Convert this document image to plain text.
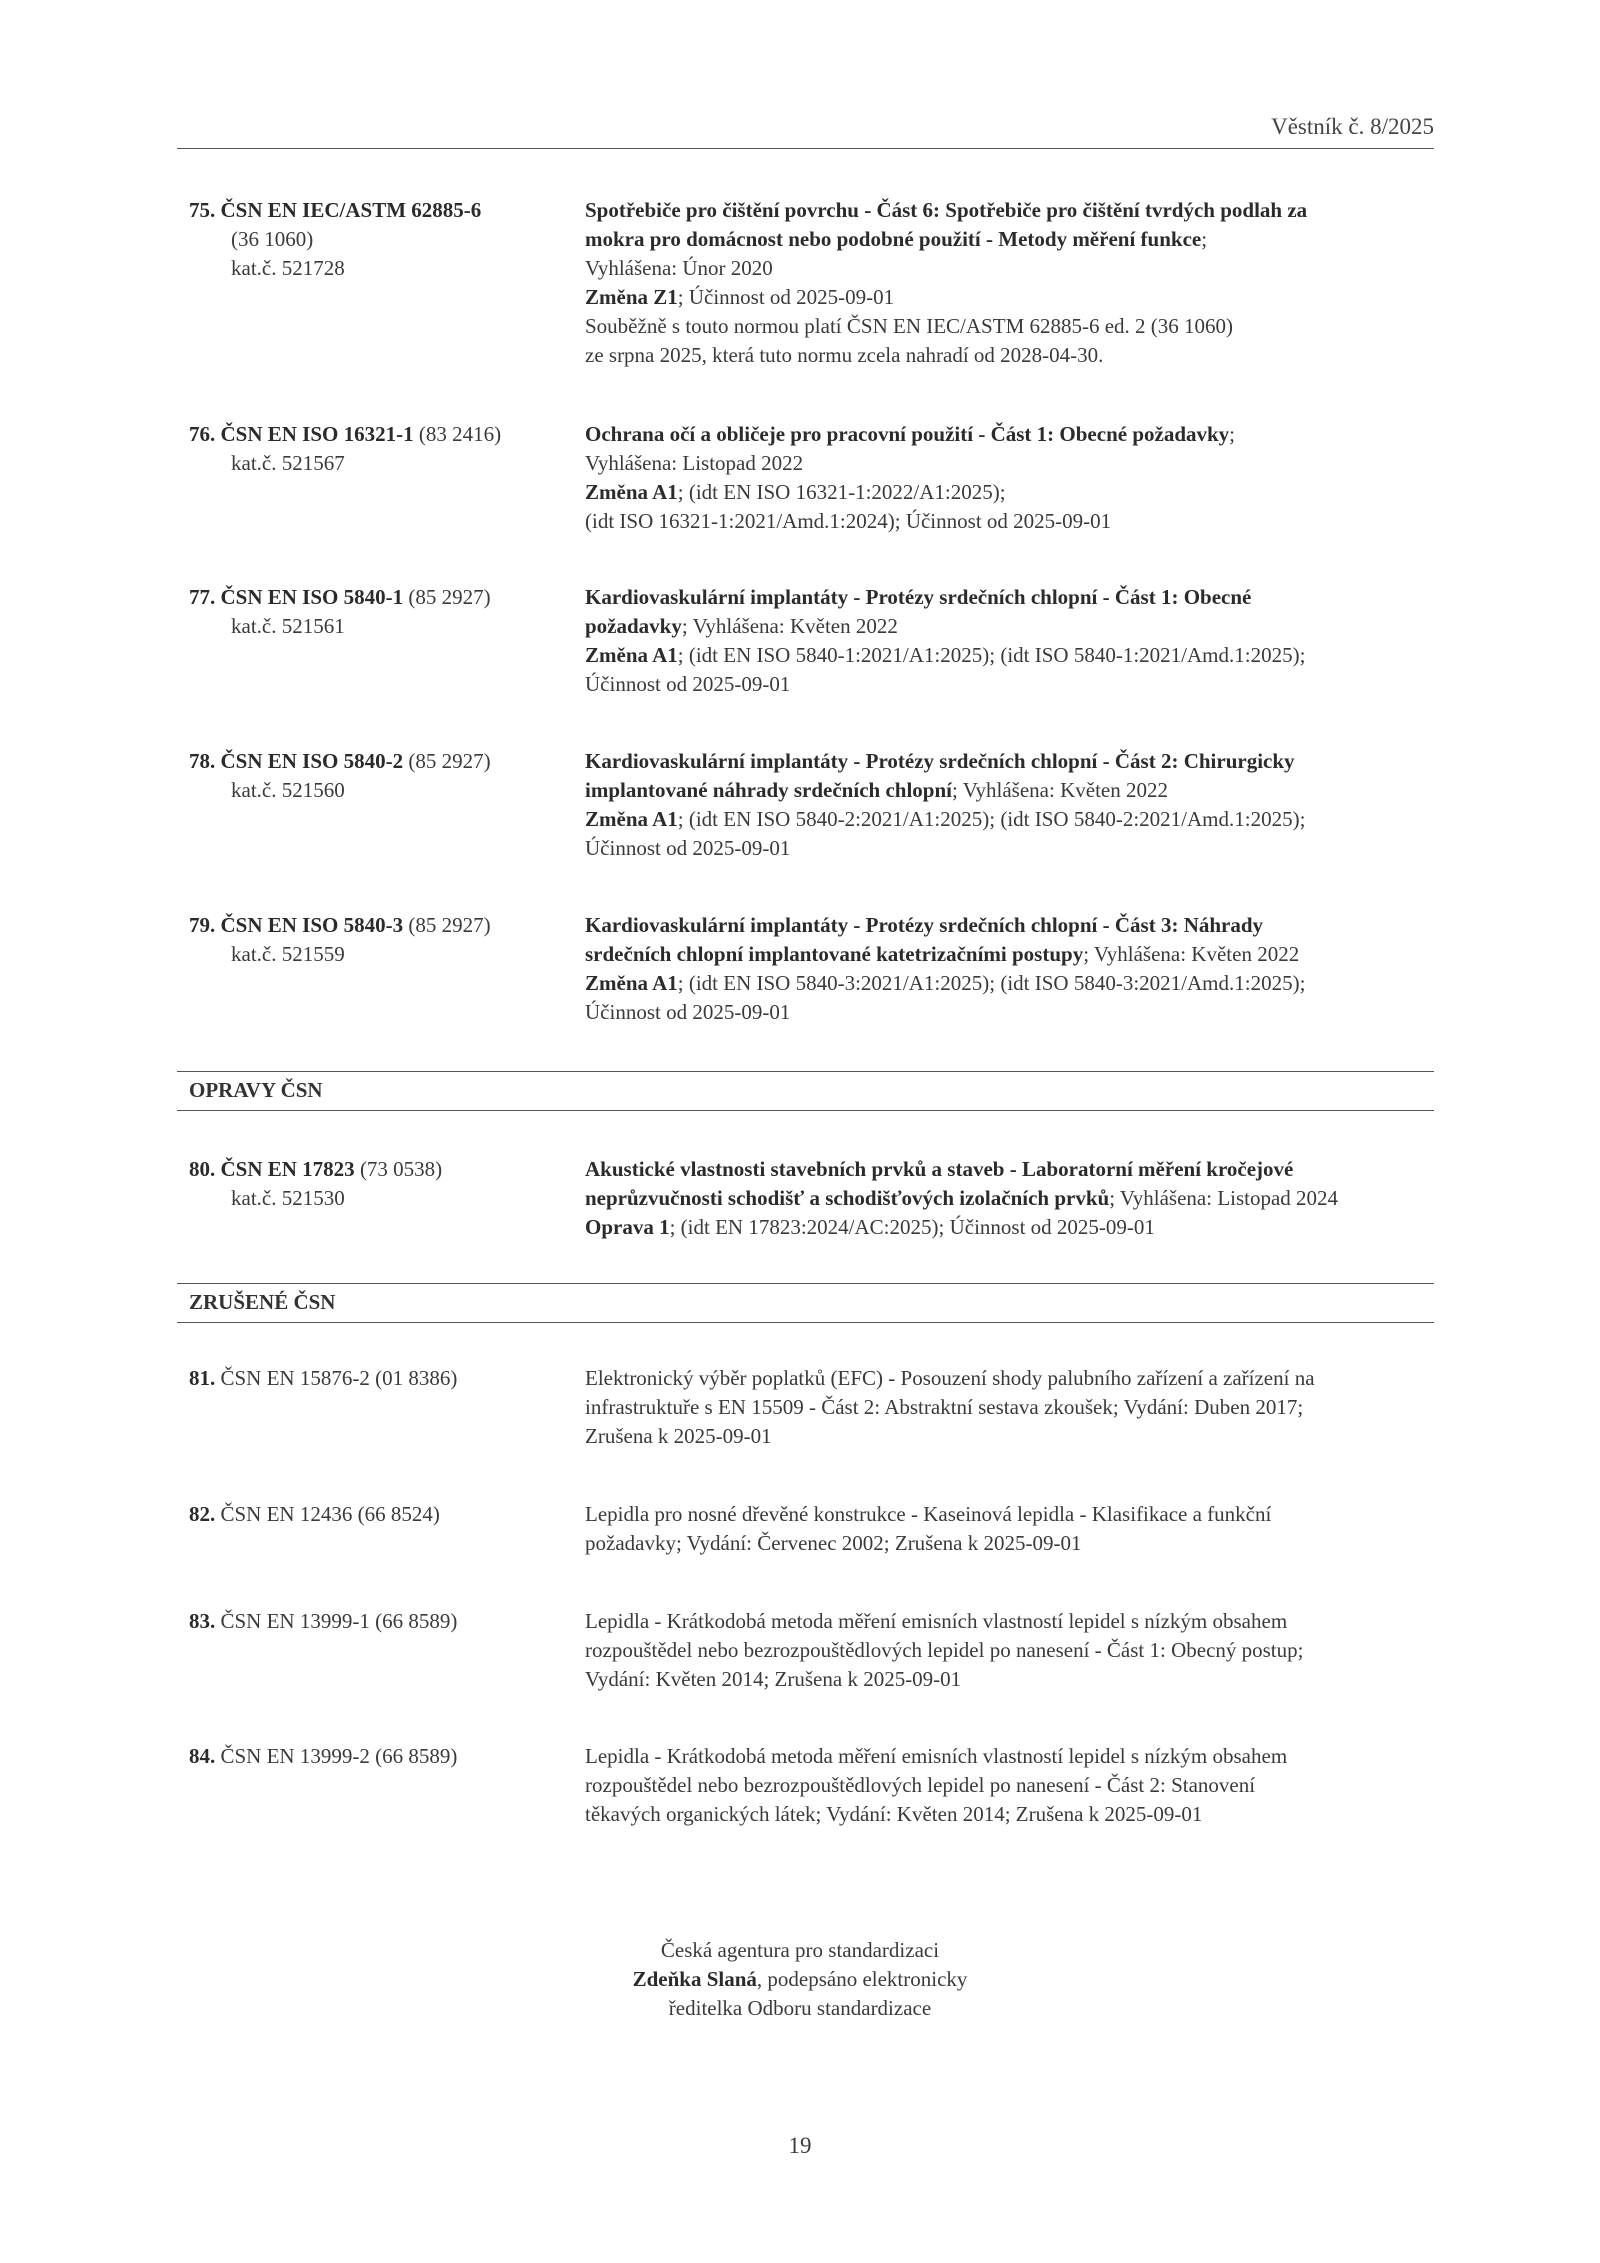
Věstník č. 8/2025
75. ČSN EN IEC/ASTM 62885-6
(36 1060)
kat.č. 521728
Spotřebiče pro čištění povrchu - Část 6: Spotřebiče pro čištění tvrdých podlah za
mokra pro domácnost nebo podobné použití - Metody měření funkce;
Vyhlášena: Únor 2020
Změna Z1; Účinnost od 2025-09-01
Souběžně s touto normou platí ČSN EN IEC/ASTM 62885-6 ed. 2 (36 1060)
ze srpna 2025, která tuto normu zcela nahradí od 2028-04-30.
76. ČSN EN ISO 16321-1 (83 2416)
kat.č. 521567
Ochrana očí a obličeje pro pracovní použití - Část 1: Obecné požadavky;
Vyhlášena: Listopad 2022
Změna A1; (idt EN ISO 16321-1:2022/A1:2025);
(idt ISO 16321-1:2021/Amd.1:2024); Účinnost od 2025-09-01
77. ČSN EN ISO 5840-1 (85 2927)
kat.č. 521561
Kardiovaskulární implantáty - Protézy srdečních chlopní - Část 1: Obecné
požadavky; Vyhlášena: Květen 2022
Změna A1; (idt EN ISO 5840-1:2021/A1:2025); (idt ISO 5840-1:2021/Amd.1:2025);
Účinnost od 2025-09-01
78. ČSN EN ISO 5840-2 (85 2927)
kat.č. 521560
Kardiovaskulární implantáty - Protézy srdečních chlopní - Část 2: Chirurgicky
implantované náhrady srdečních chlopní; Vyhlášena: Květen 2022
Změna A1; (idt EN ISO 5840-2:2021/A1:2025); (idt ISO 5840-2:2021/Amd.1:2025);
Účinnost od 2025-09-01
79. ČSN EN ISO 5840-3 (85 2927)
kat.č. 521559
Kardiovaskulární implantáty - Protézy srdečních chlopní - Část 3: Náhrady
srdečních chlopní implantované katetrizačními postupy; Vyhlášena: Květen 2022
Změna A1; (idt EN ISO 5840-3:2021/A1:2025); (idt ISO 5840-3:2021/Amd.1:2025);
Účinnost od 2025-09-01
OPRAVY ČSN
80. ČSN EN 17823 (73 0538)
kat.č. 521530
Akustické vlastnosti stavebních prvků a staveb - Laboratorní měření kročejové
neprůzvučnosti schodišť a schodišťových izolačních prvků; Vyhlášena: Listopad 2024
Oprava 1; (idt EN 17823:2024/AC:2025); Účinnost od 2025-09-01
ZRUŠENÉ ČSN
81. ČSN EN 15876-2 (01 8386)	Elektronický výběr poplatků (EFC) - Posouzení shody palubního zařízení a zařízení na
infrastruktuře s EN 15509 - Část 2: Abstraktní sestava zkoušek; Vydání: Duben 2017;
Zrušena k 2025-09-01
82. ČSN EN 12436 (66 8524)	Lepidla pro nosné dřevěné konstrukce - Kaseinová lepidla - Klasifikace a funkční
požadavky; Vydání: Červenec 2002; Zrušena k 2025-09-01
83. ČSN EN 13999-1 (66 8589)	Lepidla - Krátkodobá metoda měření emisních vlastností lepidel s nízkým obsahem
rozpouštědel nebo bezrozpouštědlových lepidel po nanesení - Část 1: Obecný postup;
Vydání: Květen 2014; Zrušena k 2025-09-01
84. ČSN EN 13999-2 (66 8589)	Lepidla - Krátkodobá metoda měření emisních vlastností lepidel s nízkým obsahem
rozpouštědel nebo bezrozpouštědlových lepidel po nanesení - Část 2: Stanovení
těkavých organických látek; Vydání: Květen 2014; Zrušena k 2025-09-01
Česká agentura pro standardizaci
Zdeňka Slaná, podepsáno elektronicky
ředitelka Odboru standardizace
19
